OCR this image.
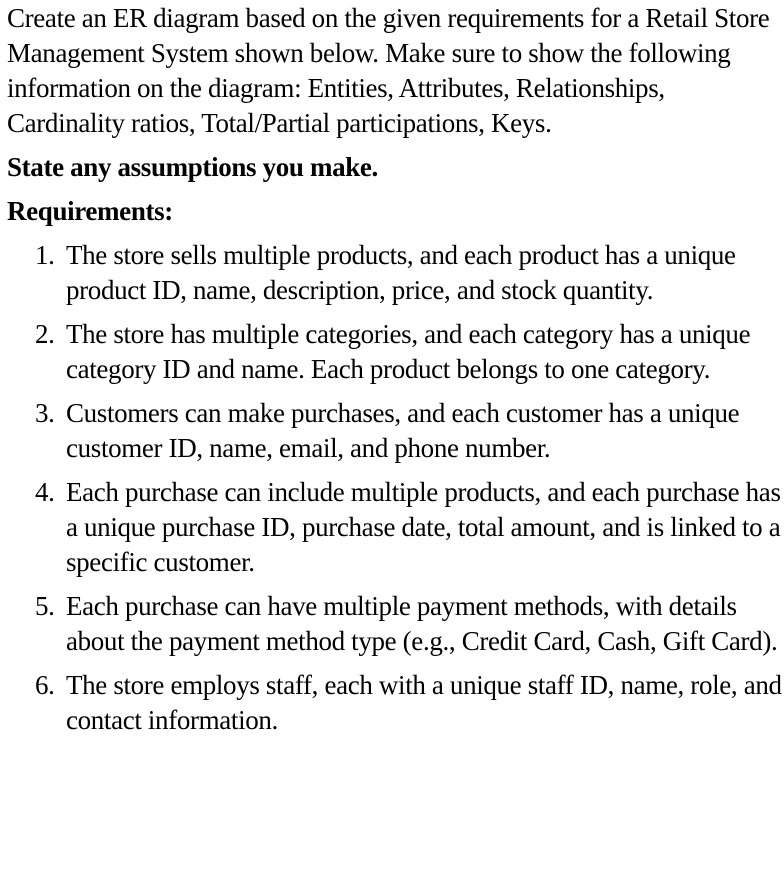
Create an ER diagram based on the given requirements for a Retail Store Management System shown below. Make sure to show the following information on the diagram: Entities, Attributes, Relationships, Cardinality ratios, Total/Partial participations, Keys.
State any assumptions you make.
Requirements:
1. The store sells multiple products, and each product has a unique product ID, name, description, price, and stock quantity.
2. The store has multiple categories, and each category has a unique category ID and name. Each product belongs to one category.
3. Customers can make purchases, and each customer has a unique customer ID, name, email, and phone number.
4. Each purchase can include multiple products, and each purchase has a unique purchase ID, purchase date, total amount, and is linked to a specific customer.
5. Each purchase can have multiple payment methods, with details about the payment method type (e.g., Credit Card, Cash, Gift Card).
6. The store employs staff, each with a unique staff ID, name, role, and contact information.
